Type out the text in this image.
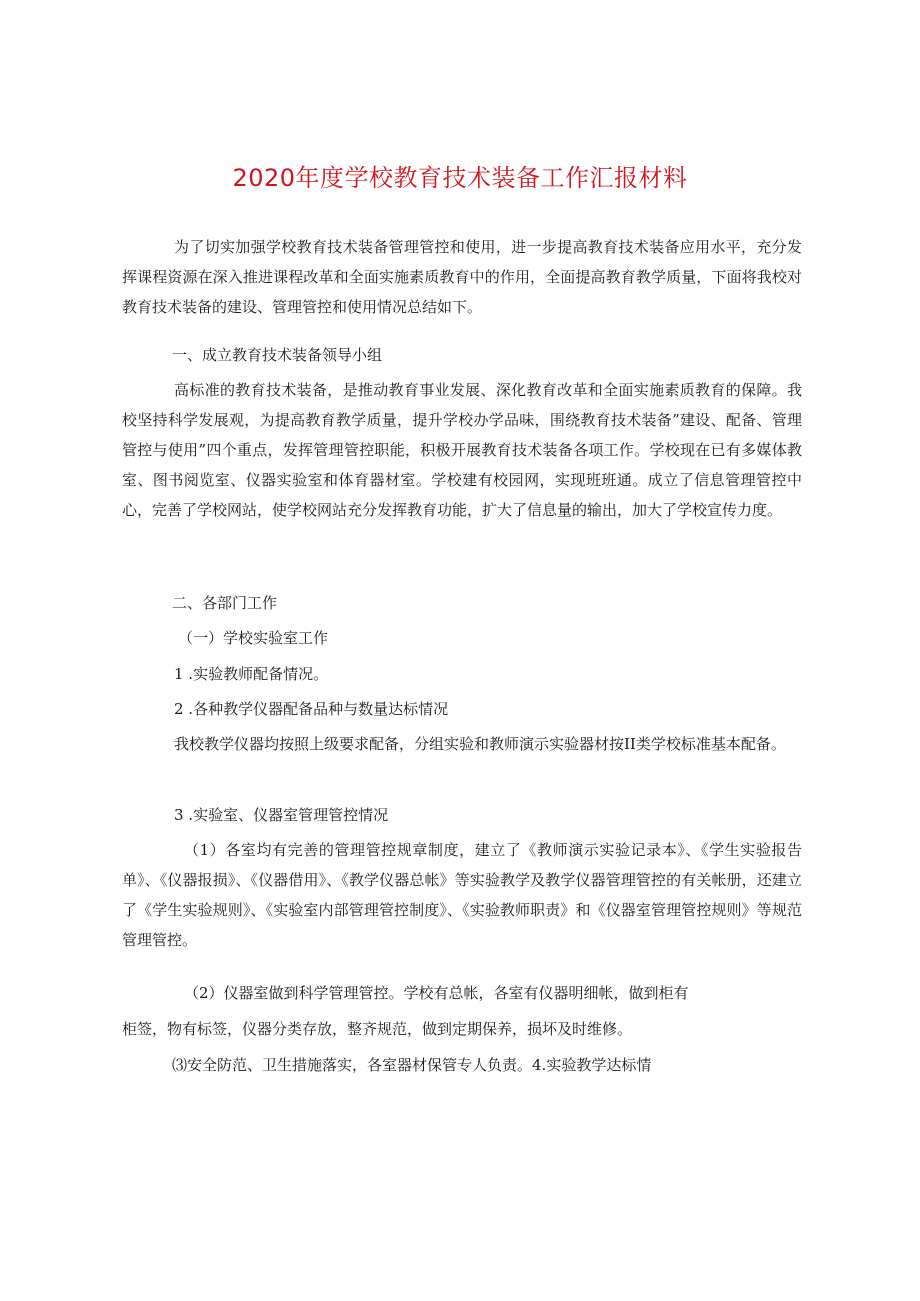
2020年度学校教育技术装备工作汇报材料

为了切实加强学校教育技术装备管理管控和使用，进一步提高教育技术装备应用水平，充分发挥课程资源在深入推进课程改革和全面实施素质教育中的作用，全面提高教育教学质量，下面将我校对教育技术装备的建设、管理管控和使用情况总结如下。

一、成立教育技术装备领导小组

高标准的教育技术装备，是推动教育事业发展、深化教育改革和全面实施素质教育的保障。我校坚持科学发展观，为提高教育教学质量，提升学校办学品味，围绕教育技术装备”建设、配备、管理管控与使用”四个重点，发挥管理管控职能，积极开展教育技术装备各项工作。学校现在已有多媒体教室、图书阅览室、仪器实验室和体育器材室。学校建有校园网，实现班班通。成立了信息管理管控中心，完善了学校网站，使学校网站充分发挥教育功能，扩大了信息量的输出，加大了学校宣传力度。

二、各部门工作

（一）学校实验室工作

1 .实验教师配备情况。

2 .各种教学仪器配备品种与数量达标情况

我校教学仪器均按照上级要求配备，分组实验和教师演示实验器材按II类学校标准基本配备。

3 .实验室、仪器室管理管控情况

（1）各室均有完善的管理管控规章制度，建立了《教师演示实验记录本》、《学生实验报告单》、《仪器报损》、《仪器借用》、《教学仪器总帐》等实验教学及教学仪器管理管控的有关帐册，还建立了《学生实验规则》、《实验室内部管理管控制度》、《实验教师职责》和《仪器室管理管控规则》等规范管理管控。

（2）仪器室做到科学管理管控。学校有总帐，各室有仪器明细帐，做到柜有

柜签，物有标签，仪器分类存放，整齐规范，做到定期保养，损坏及时维修。

⑶安全防范、卫生措施落实，各室器材保管专人负责。4.实验教学达标情
